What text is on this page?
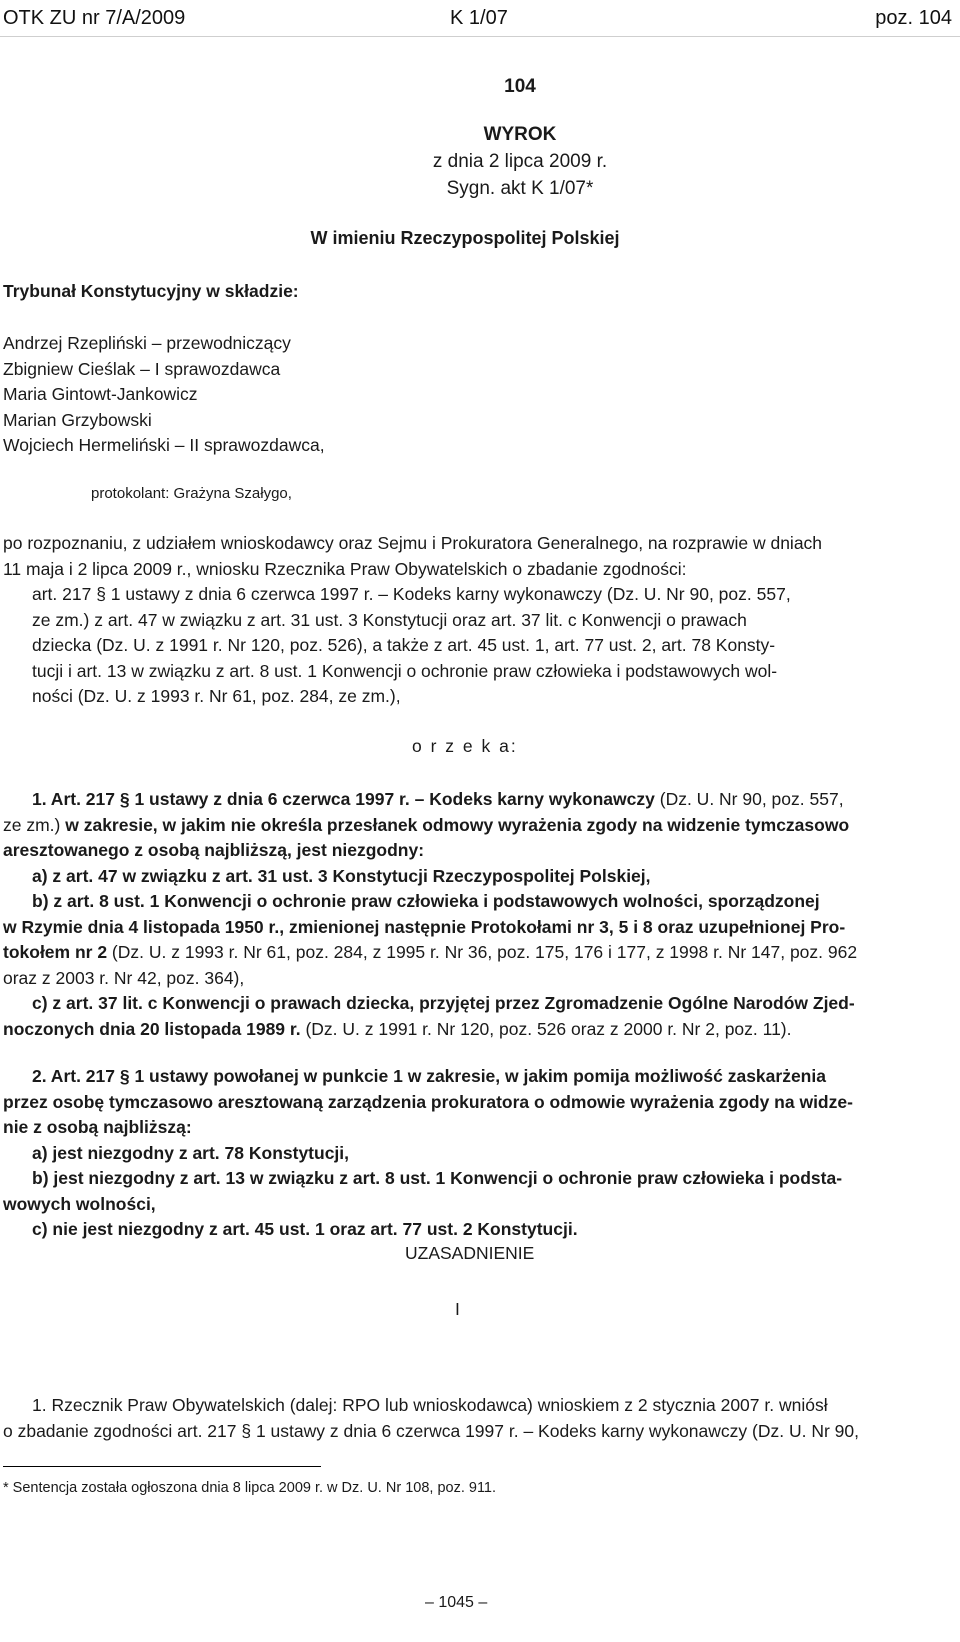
OTK ZU nr 7/A/2009	K 1/07	poz. 104
104
WYROK
z dnia 2 lipca 2009 r.
Sygn. akt K 1/07*
W imieniu Rzeczypospolitej Polskiej
Trybunał Konstytucyjny w składzie:
Andrzej Rzepliński – przewodniczący
Zbigniew Cieślak – I sprawozdawca
Maria Gintowt-Jankowicz
Marian Grzybowski
Wojciech Hermeliński – II sprawozdawca,
protokolant: Grażyna Szałygo,
po rozpoznaniu, z udziałem wnioskodawcy oraz Sejmu i Prokuratora Generalnego, na rozprawie w dniach
11 maja i 2 lipca 2009 r., wniosku Rzecznika Praw Obywatelskich o zbadanie zgodności:
art. 217 § 1 ustawy z dnia 6 czerwca 1997 r. – Kodeks karny wykonawczy (Dz. U. Nr 90, poz. 557,
ze zm.) z art. 47 w związku z art. 31 ust. 3 Konstytucji oraz art. 37 lit. c Konwencji o prawach
dziecka (Dz. U. z 1991 r. Nr 120, poz. 526), a także z art. 45 ust. 1, art. 77 ust. 2, art. 78 Konsty-
tucji i art. 13 w związku z art. 8 ust. 1 Konwencji o ochronie praw człowieka i podstawowych wol-
ności (Dz. U. z 1993 r. Nr 61, poz. 284, ze zm.),
o r z e k a:
1. Art. 217 § 1 ustawy z dnia 6 czerwca 1997 r. – Kodeks karny wykonawczy (Dz. U. Nr 90, poz. 557,
ze zm.) w zakresie, w jakim nie określa przesłanek odmowy wyrażenia zgody na widzenie tymczasowo
aresztowanego z osobą najbliższą, jest niezgodny:
a) z art. 47 w związku z art. 31 ust. 3 Konstytucji Rzeczypospolitej Polskiej,
b) z art. 8 ust. 1 Konwencji o ochronie praw człowieka i podstawowych wolności, sporządzonej
w Rzymie dnia 4 listopada 1950 r., zmienionej następnie Protokołami nr 3, 5 i 8 oraz uzupełnionej Pro-
tokołem nr 2 (Dz. U. z 1993 r. Nr 61, poz. 284, z 1995 r. Nr 36, poz. 175, 176 i 177, z 1998 r. Nr 147, poz. 962
oraz z 2003 r. Nr 42, poz. 364),
c) z art. 37 lit. c Konwencji o prawach dziecka, przyjętej przez Zgromadzenie Ogólne Narodów Zjed-
noczonych dnia 20 listopada 1989 r. (Dz. U. z 1991 r. Nr 120, poz. 526 oraz z 2000 r. Nr 2, poz. 11).
2. Art. 217 § 1 ustawy powołanej w punkcie 1 w zakresie, w jakim pomija możliwość zaskarżenia
przez osobę tymczasowo aresztowaną zarządzenia prokuratora o odmowie wyrażenia zgody na widze-
nie z osobą najbliższą:
a) jest niezgodny z art. 78 Konstytucji,
b) jest niezgodny z art. 13 w związku z art. 8 ust. 1 Konwencji o ochronie praw człowieka i podsta-
wowych wolności,
c) nie jest niezgodny z art. 45 ust. 1 oraz art. 77 ust. 2 Konstytucji.
UZASADNIENIE
I
1. Rzecznik Praw Obywatelskich (dalej: RPO lub wnioskodawca) wnioskiem z 2 stycznia 2007 r. wniósł
o zbadanie zgodności art. 217 § 1 ustawy z dnia 6 czerwca 1997 r. – Kodeks karny wykonawczy (Dz. U. Nr 90,
* Sentencja została ogłoszona dnia 8 lipca 2009 r. w Dz. U. Nr 108, poz. 911.
– 1045 –
